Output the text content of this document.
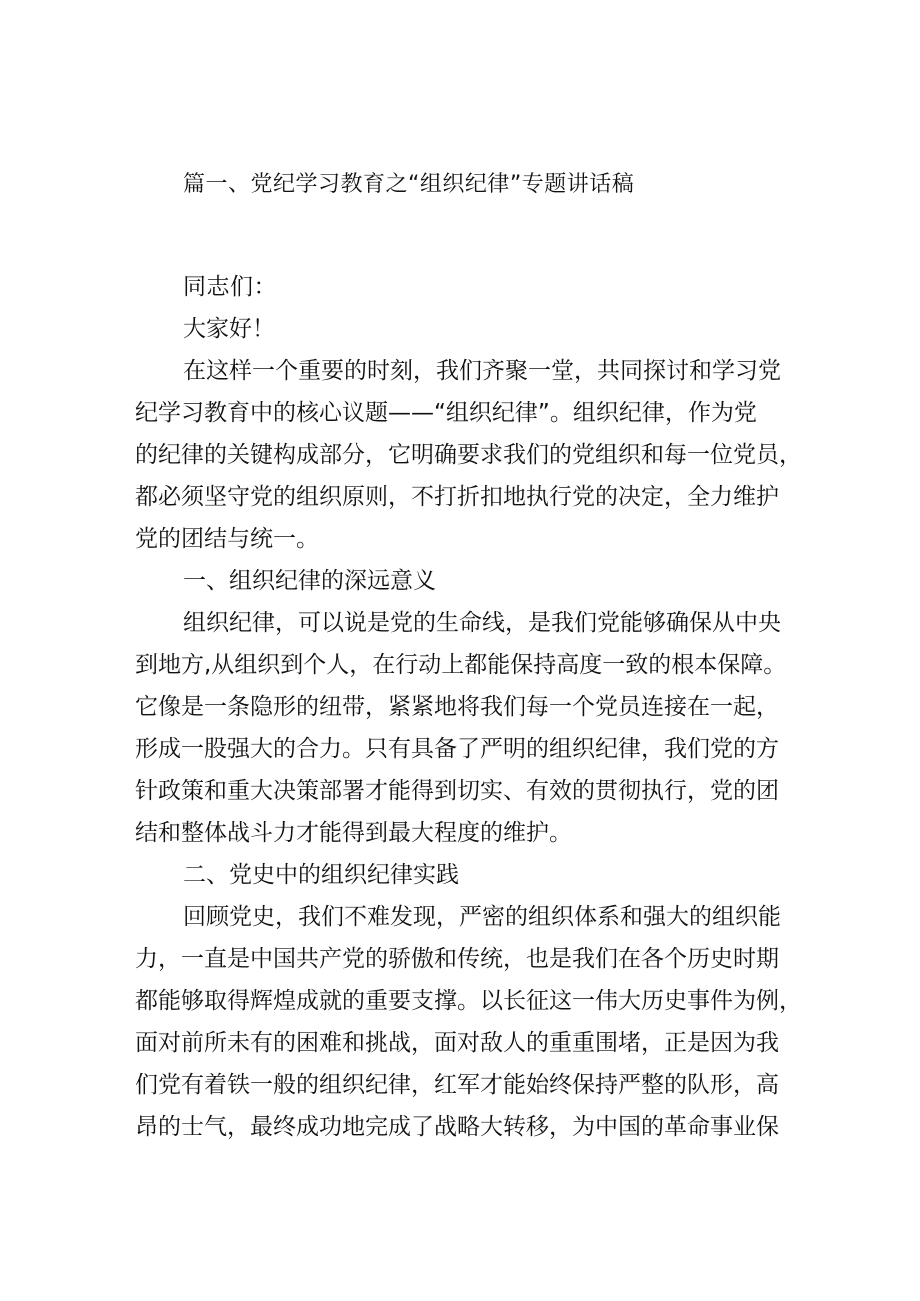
篇一、党纪学习教育之“组织纪律”专题讲话稿
同志们：
大家好！
在这样一个重要的时刻，我们齐聚一堂，共同探讨和学习党
纪学习教育中的核心议题——“组织纪律”。组织纪律，作为党
的纪律的关键构成部分，它明确要求我们的党组织和每一位党员，
都必须坚守党的组织原则，不打折扣地执行党的决定，全力维护
党的团结与统一。
一、组织纪律的深远意义
组织纪律，可以说是党的生命线，是我们党能够确保从中央
到地方,从组织到个人，在行动上都能保持高度一致的根本保障。
它像是一条隐形的纽带，紧紧地将我们每一个党员连接在一起，
形成一股强大的合力。只有具备了严明的组织纪律，我们党的方
针政策和重大决策部署才能得到切实、有效的贯彻执行，党的团
结和整体战斗力才能得到最大程度的维护。
二、党史中的组织纪律实践
回顾党史，我们不难发现，严密的组织体系和强大的组织能
力，一直是中国共产党的骄傲和传统，也是我们在各个历史时期
都能够取得辉煌成就的重要支撑。以长征这一伟大历史事件为例，
面对前所未有的困难和挑战，面对敌人的重重围堵，正是因为我
们党有着铁一般的组织纪律，红军才能始终保持严整的队形，高
昂的士气，最终成功地完成了战略大转移，为中国的革命事业保
